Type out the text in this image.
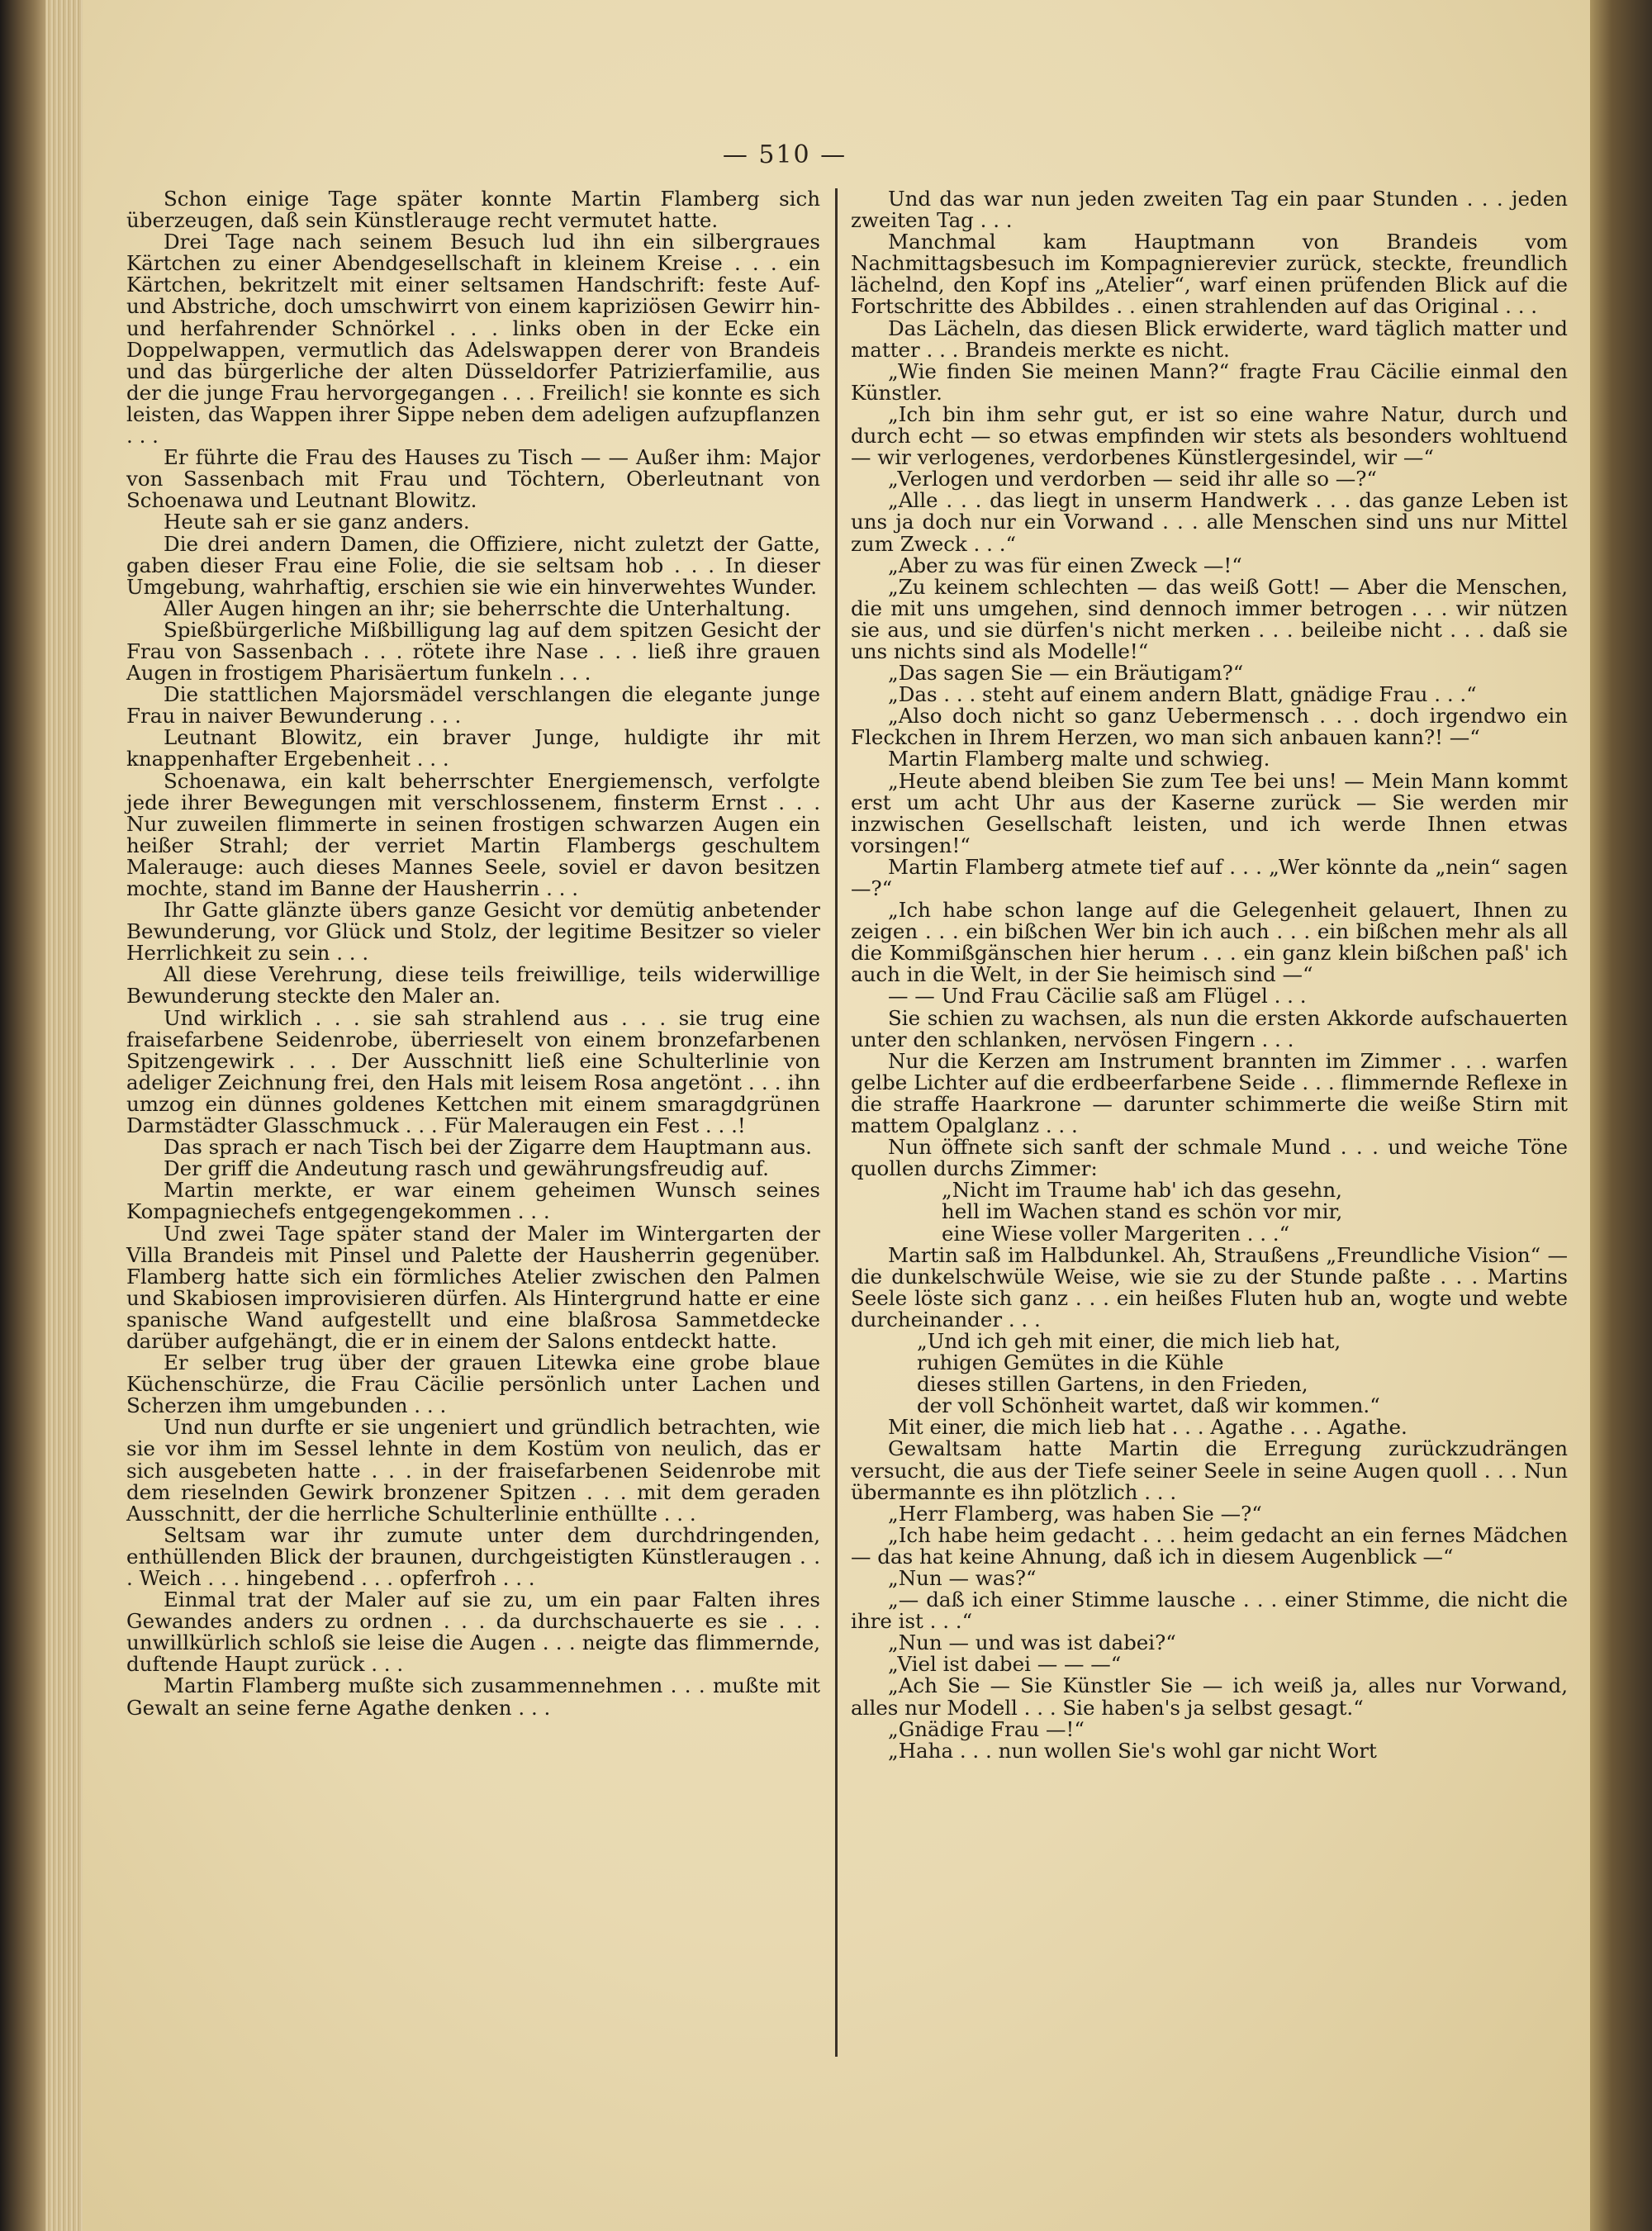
— 510 —

Schon einige Tage später konnte Martin Flamberg sich überzeugen, daß sein Künstlerauge recht vermutet hatte.

Drei Tage nach seinem Besuch lud ihn ein silbergraues Kärtchen zu einer Abendgesellschaft in kleinem Kreise . . . ein Kärtchen, bekritzelt mit einer seltsamen Handschrift: feste Auf- und Abstriche, doch umschwirrt von einem kapriziösen Gewirr hin- und herfahrender Schnörkel . . . links oben in der Ecke ein Doppelwappen, vermutlich das Adelswappen derer von Brandeis und das bürgerliche der alten Düsseldorfer Patrizierfamilie, aus der die junge Frau hervorgegangen . . . Freilich! sie konnte es sich leisten, das Wappen ihrer Sippe neben dem adeligen aufzupflanzen . . .

Er führte die Frau des Hauses zu Tisch — — Außer ihm: Major von Sassenbach mit Frau und Töchtern, Oberleutnant von Schoenawa und Leutnant Blowitz.

Heute sah er sie ganz anders.

Die drei andern Damen, die Offiziere, nicht zuletzt der Gatte, gaben dieser Frau eine Folie, die sie seltsam hob . . . In dieser Umgebung, wahrhaftig, erschien sie wie ein hinverwehtes Wunder.

Aller Augen hingen an ihr; sie beherrschte die Unterhaltung.

Spießbürgerliche Mißbilligung lag auf dem spitzen Gesicht der Frau von Sassenbach . . . rötete ihre Nase . . . ließ ihre grauen Augen in frostigem Pharisäertum funkeln . . .

Die stattlichen Majorsmädel verschlangen die elegante junge Frau in naiver Bewunderung . . .

Leutnant Blowitz, ein braver Junge, huldigte ihr mit knappenhafter Ergebenheit . . .

Schoenawa, ein kalt beherrschter Energiemensch, verfolgte jede ihrer Bewegungen mit verschlossenem, finsterm Ernst . . . Nur zuweilen flimmerte in seinen frostigen schwarzen Augen ein heißer Strahl; der verriet Martin Flambergs geschultem Malerauge: auch dieses Mannes Seele, soviel er davon besitzen mochte, stand im Banne der Hausherrin . . .

Ihr Gatte glänzte übers ganze Gesicht vor demütig anbetender Bewunderung, vor Glück und Stolz, der legitime Besitzer so vieler Herrlichkeit zu sein . . .

All diese Verehrung, diese teils freiwillige, teils widerwillige Bewunderung steckte den Maler an.

Und wirklich . . . sie sah strahlend aus . . . sie trug eine fraisefarbene Seidenrobe, überrieselt von einem bronzefarbenen Spitzengewirk . . . Der Ausschnitt ließ eine Schulterlinie von adeliger Zeichnung frei, den Hals mit leisem Rosa angetönt . . . ihn umzog ein dünnes goldenes Kettchen mit einem smaragdgrünen Darmstädter Glasschmuck . . . Für Maleraugen ein Fest . . .!

Das sprach er nach Tisch bei der Zigarre dem Hauptmann aus.

Der griff die Andeutung rasch und gewährungsfreudig auf.

Martin merkte, er war einem geheimen Wunsch seines Kompagniechefs entgegengekommen . . .

Und zwei Tage später stand der Maler im Wintergarten der Villa Brandeis mit Pinsel und Palette der Hausherrin gegenüber. Flamberg hatte sich ein förmliches Atelier zwischen den Palmen und Skabiosen improvisieren dürfen. Als Hintergrund hatte er eine spanische Wand aufgestellt und eine blaßrosa Sammetdecke darüber aufgehängt, die er in einem der Salons entdeckt hatte.

Er selber trug über der grauen Litewka eine grobe blaue Küchenschürze, die Frau Cäcilie persönlich unter Lachen und Scherzen ihm umgebunden . . .

Und nun durfte er sie ungeniert und gründlich betrachten, wie sie vor ihm im Sessel lehnte in dem Kostüm von neulich, das er sich ausgebeten hatte . . . in der fraisefarbenen Seidenrobe mit dem rieselnden Gewirk bronzener Spitzen . . . mit dem geraden Ausschnitt, der die herrliche Schulterlinie enthüllte . . .

Seltsam war ihr zumute unter dem durchdringenden, enthüllenden Blick der braunen, durchgeistigten Künstleraugen . . . Weich . . . hingebend . . . opferfroh . . .

Einmal trat der Maler auf sie zu, um ein paar Falten ihres Gewandes anders zu ordnen . . . da durchschauerte es sie . . . unwillkürlich schloß sie leise die Augen . . . neigte das flimmernde, duftende Haupt zurück . . .

Martin Flamberg mußte sich zusammennehmen . . . mußte mit Gewalt an seine ferne Agathe denken . . .

Und das war nun jeden zweiten Tag ein paar Stunden . . . jeden zweiten Tag . . .

Manchmal kam Hauptmann von Brandeis vom Nachmittagsbesuch im Kompagnierevier zurück, steckte, freundlich lächelnd, den Kopf ins „Atelier“, warf einen prüfenden Blick auf die Fortschritte des Abbildes . . einen strahlenden auf das Original . . .

Das Lächeln, das diesen Blick erwiderte, ward täglich matter und matter . . . Brandeis merkte es nicht.

„Wie finden Sie meinen Mann?“ fragte Frau Cäcilie einmal den Künstler.

„Ich bin ihm sehr gut, er ist so eine wahre Natur, durch und durch echt — so etwas empfinden wir stets als besonders wohltuend — wir verlogenes, verdorbenes Künstlergesindel, wir —“

„Verlogen und verdorben — seid ihr alle so —?“

„Alle . . . das liegt in unserm Handwerk . . . das ganze Leben ist uns ja doch nur ein Vorwand . . . alle Menschen sind uns nur Mittel zum Zweck . . .“

„Aber zu was für einen Zweck —!“

„Zu keinem schlechten — das weiß Gott! — Aber die Menschen, die mit uns umgehen, sind dennoch immer betrogen . . . wir nützen sie aus, und sie dürfen's nicht merken . . . beileibe nicht . . . daß sie uns nichts sind als Modelle!“

„Das sagen Sie — ein Bräutigam?“

„Das . . . steht auf einem andern Blatt, gnädige Frau . . .“

„Also doch nicht so ganz Uebermensch . . . doch irgendwo ein Fleckchen in Ihrem Herzen, wo man sich anbauen kann?! —“

Martin Flamberg malte und schwieg.

„Heute abend bleiben Sie zum Tee bei uns! — Mein Mann kommt erst um acht Uhr aus der Kaserne zurück — Sie werden mir inzwischen Gesellschaft leisten, und ich werde Ihnen etwas vorsingen!“

Martin Flamberg atmete tief auf . . . „Wer könnte da „nein“ sagen —?“

„Ich habe schon lange auf die Gelegenheit gelauert, Ihnen zu zeigen . . . ein bißchen Wer bin ich auch . . . ein bißchen mehr als all die Kommißgänschen hier herum . . . ein ganz klein bißchen paß' ich auch in die Welt, in der Sie heimisch sind —“

— — Und Frau Cäcilie saß am Flügel . . .

Sie schien zu wachsen, als nun die ersten Akkorde aufschauerten unter den schlanken, nervösen Fingern . . .

Nur die Kerzen am Instrument brannten im Zimmer . . . warfen gelbe Lichter auf die erdbeerfarbene Seide . . . flimmernde Reflexe in die straffe Haarkrone — darunter schimmerte die weiße Stirn mit mattem Opalglanz . . .

Nun öffnete sich sanft der schmale Mund . . . und weiche Töne quollen durchs Zimmer:

„Nicht im Traume hab' ich das gesehn,

hell im Wachen stand es schön vor mir,

eine Wiese voller Margeriten . . .“

Martin saß im Halbdunkel. Ah, Straußens „Freundliche Vision“ — die dunkelschwüle Weise, wie sie zu der Stunde paßte . . . Martins Seele löste sich ganz . . . ein heißes Fluten hub an, wogte und webte durcheinander . . .

„Und ich geh mit einer, die mich lieb hat,

ruhigen Gemütes in die Kühle

dieses stillen Gartens, in den Frieden,

der voll Schönheit wartet, daß wir kommen.“

Mit einer, die mich lieb hat . . . Agathe . . . Agathe.

Gewaltsam hatte Martin die Erregung zurückzudrängen versucht, die aus der Tiefe seiner Seele in seine Augen quoll . . . Nun übermannte es ihn plötzlich . . .

„Herr Flamberg, was haben Sie —?“

„Ich habe heim gedacht . . . heim gedacht an ein fernes Mädchen — das hat keine Ahnung, daß ich in diesem Augenblick —“

„Nun — was?“

„— daß ich einer Stimme lausche . . . einer Stimme, die nicht die ihre ist . . .“

„Nun — und was ist dabei?“

„Viel ist dabei — — —“

„Ach Sie — Sie Künstler Sie — ich weiß ja, alles nur Vorwand, alles nur Modell . . . Sie haben's ja selbst gesagt.“

„Gnädige Frau —!“

„Haha . . . nun wollen Sie's wohl gar nicht Wort
